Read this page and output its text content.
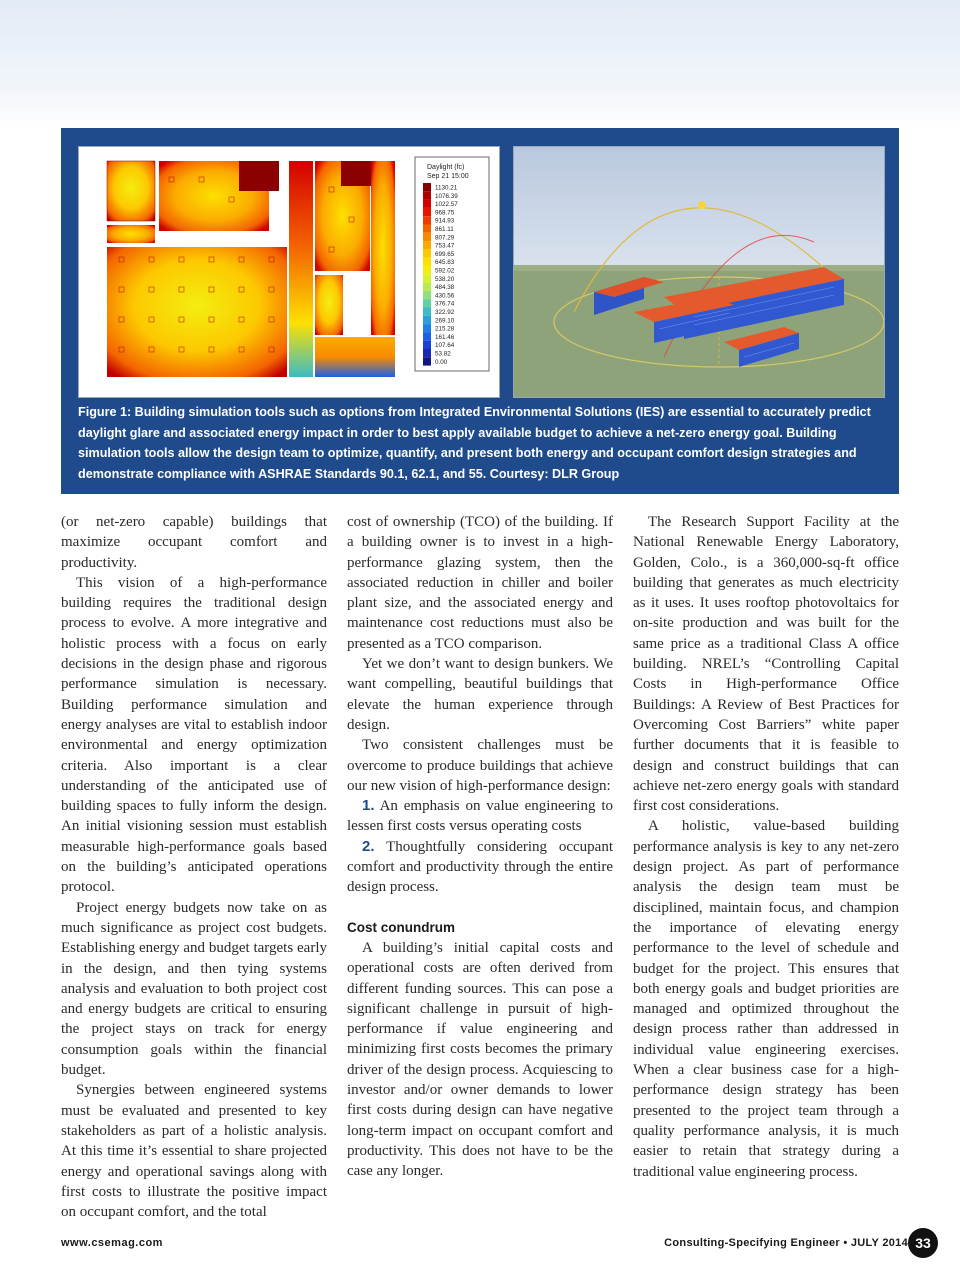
Daylight (fc)
Sep 21 15:00
1130.21
1076.39
1022.57
968.75
914.93
861.11
807.29
753.47
699.65
645.83
592.02
538.20
484.38
430.56
376.74
322.92
269.10
215.28
161.46
107.64
53.82
0.00
Figure 1: Building simulation tools such as options from Integrated Environmental Solutions (IES) are essential to accurately predict daylight glare and associated energy impact in order to best apply available budget to achieve a net-zero energy goal. Building simulation tools allow the design team to optimize, quantify, and present both energy and occupant comfort design strategies and demonstrate compliance with ASHRAE Standards 90.1, 62.1, and 55. Courtesy: DLR Group

(or net-zero capable) buildings that maximize occupant comfort and productivity.

This vision of a high-performance building requires the traditional design process to evolve. A more integrative and holistic process with a focus on early decisions in the design phase and rigorous performance simulation is necessary. Building performance simulation and energy analyses are vital to establish indoor environmental and energy optimization criteria. Also important is a clear understanding of the anticipated use of building spaces to fully inform the design. An initial visioning session must establish measurable high-performance goals based on the building’s anticipated operations protocol.

Project energy budgets now take on as much significance as project cost budgets. Establishing energy and budget targets early in the design, and then tying systems analysis and evaluation to both project cost and energy budgets are critical to ensuring the project stays on track for energy consumption goals within the financial budget.

Synergies between engineered systems must be evaluated and presented to key stakeholders as part of a holistic analysis. At this time it’s essential to share projected energy and operational savings along with first costs to illustrate the positive impact on occupant comfort, and the total

cost of ownership (TCO) of the building. If a building owner is to invest in a high-performance glazing system, then the associated reduction in chiller and boiler plant size, and the associated energy and maintenance cost reductions must also be presented as a TCO comparison.

Yet we don’t want to design bunkers. We want compelling, beautiful buildings that elevate the human experience through design.

Two consistent challenges must be overcome to produce buildings that achieve our new vision of high-performance design:

1. An emphasis on value engineering to lessen first costs versus operating costs

2. Thoughtfully considering occupant comfort and productivity through the entire design process.

Cost conundrum

A building’s initial capital costs and operational costs are often derived from different funding sources. This can pose a significant challenge in pursuit of high-performance if value engineering and minimizing first costs becomes the primary driver of the design process. Acquiescing to investor and/or owner demands to lower first costs during design can have negative long-term impact on occupant comfort and productivity. This does not have to be the case any longer.

The Research Support Facility at the National Renewable Energy Laboratory, Golden, Colo., is a 360,000-sq-ft office building that generates as much electricity as it uses. It uses rooftop photovoltaics for on-site production and was built for the same price as a traditional Class A office building. NREL’s “Controlling Capital Costs in High-performance Office Buildings: A Review of Best Practices for Overcoming Cost Barriers” white paper further documents that it is feasible to design and construct buildings that can achieve net-zero energy goals with standard first cost considerations.

A holistic, value-based building performance analysis is key to any net-zero design project. As part of performance analysis the design team must be disciplined, maintain focus, and champion the importance of elevating energy performance to the level of schedule and budget for the project. This ensures that both energy goals and budget priorities are managed and optimized throughout the design process rather than addressed in individual value engineering exercises. When a clear business case for a high-performance design strategy has been presented to the project team through a quality performance analysis, it is much easier to retain that strategy during a traditional value engineering process.

www.csemag.com	Consulting-Specifying Engineer • JULY 2014 33
